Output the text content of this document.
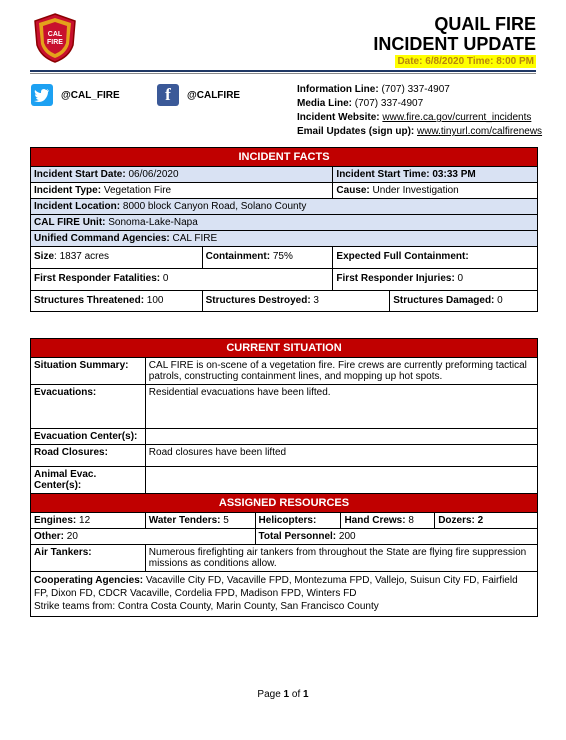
CAL
FIRE
QUAIL FIRE
INCIDENT UPDATE
Date: 6/8/2020 Time: 8:00 PM
@CAL_FIRE	f	@CALFIRE	Information Line: (707) 337-4907
Media Line: (707) 337-4907
Incident Website: www.fire.ca.gov/current_incidents
Email Updates (sign up): www.tinyurl.com/calfirenews
INCIDENT FACTS			
Incident Start Date: 06/06/2020		Incident Start Time: 03:33 PM	
Incident Type: Vegetation Fire		Cause: Under Investigation	
Incident Location: 8000 block Canyon Road, Solano County			
CAL FIRE Unit: Sonoma-Lake-Napa			
Unified Command Agencies: CAL FIRE			
Size: 1837 acres	Containment: 75%	Expected Full Containment:	
First Responder Fatalities: 0		First Responder Injuries: 0	
Structures Threatened: 100	Structures Destroyed: 3		Structures Damaged: 0
CURRENT SITUATION				
Situation Summary:	CAL FIRE is on-scene of a vegetation fire. Fire crews are currently preforming tactical patrols, constructing containment lines, and mopping up hot spots.			
Evacuations:	Residential evacuations have been lifted.			
Evacuation Center(s):				
Road Closures:	Road closures have been lifted			
Animal Evac. Center(s):				
ASSIGNED RESOURCES				
Engines: 12	Water Tenders: 5	Helicopters:	Hand Crews: 8	Dozers: 2
Other: 20		Total Personnel: 200		
Air Tankers:	Numerous firefighting air tankers from throughout the State are flying fire suppression missions as conditions allow.			
Cooperating Agencies: Vacaville City FD, Vacaville FPD, Montezuma FPD, Vallejo, Suisun City FD, Fairfield FP, Dixon FD, CDCR Vacaville, Cordelia FPD, Madison FPD, Winters FD
Strike teams from: Contra Costa County, Marin County, San Francisco County				
Page 1 of 1
